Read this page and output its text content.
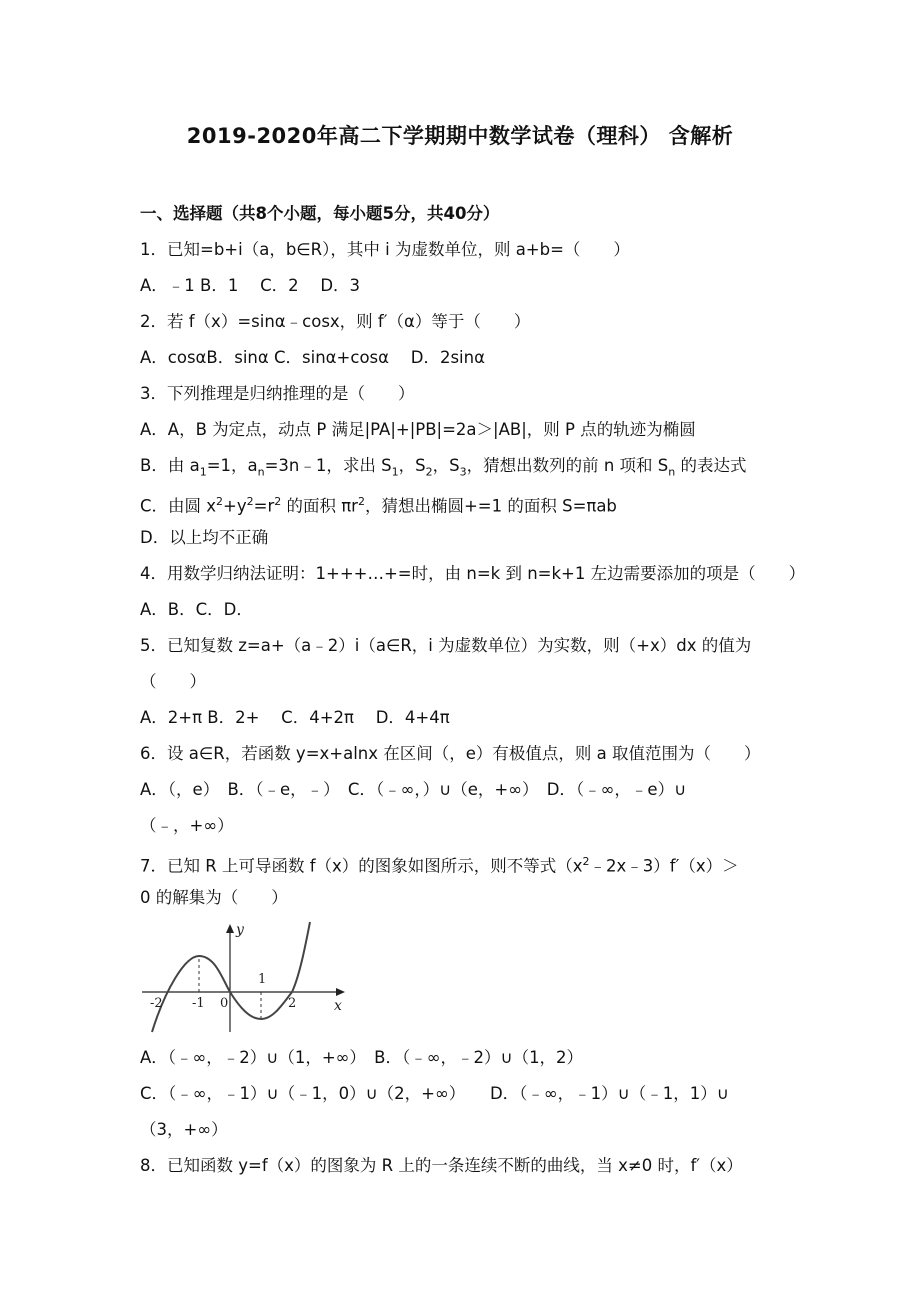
2019-2020年高二下学期期中数学试卷（理科） 含解析
一、选择题（共8个小题，每小题5分，共40分）
1．已知=b+i（a，b∈R），其中 i 为虚数单位，则 a+b=（　　）
A．﹣1 B．1　 C．2　 D．3
2．若 f（x）=sinα﹣cosx，则 f′（α）等于（　　）
A．cosαB．sinα C．sinα+cosα　 D．2sinα
3．下列推理是归纳推理的是（　　）
A．A，B 为定点，动点 P 满足|PA|+|PB|=2a＞|AB|，则 P 点的轨迹为椭圆
B．由 $a_1=1$，$a_n=3n﹣1$，求出 $S_1$，$S_2$，$S_3$，猜想出数列的前 n 项和 $S_n$ 的表达式
C．由圆 $x^2+y^2=r^2$ 的面积 $\pi r^2$，猜想出椭圆+=1 的面积 S=πab
D．以上均不正确
4．用数学归纳法证明：1+++…+=时，由 n=k 到 n=k+1 左边需要添加的项是（　　）
A．B．C．D．
5．已知复数 z=a+（a﹣2）i（a∈R，i 为虚数单位）为实数，则（+x）dx 的值为
（　　）
A．2+π B．2+　 C．4+2π　 D．4+4π
6．设 a∈R，若函数 y=x+alnx 在区间（，e）有极值点，则 a 取值范围为（　　）
A．（，e）　B．（﹣e，﹣）　C．（﹣∞，）∪（e，+∞）　D．（﹣∞，﹣e）∪
（﹣，+∞）
7．已知 R 上可导函数 f（x）的图象如图所示，则不等式$(x^2﹣2x﹣3)f'(x)>$
0 的解集为（　　）
y
x
-2 -1 0
1
2
A．（﹣∞，﹣2）∪（1，+∞）　B．（﹣∞，﹣2）∪（1，2）
C．（﹣∞，﹣1）∪（﹣1，0）∪（2，+∞）　　D．（﹣∞，﹣1）∪（﹣1，1）∪
（3，+∞）
8．已知函数 y=f（x）的图象为 R 上的一条连续不断的曲线，当 x≠0 时，f′（x）
